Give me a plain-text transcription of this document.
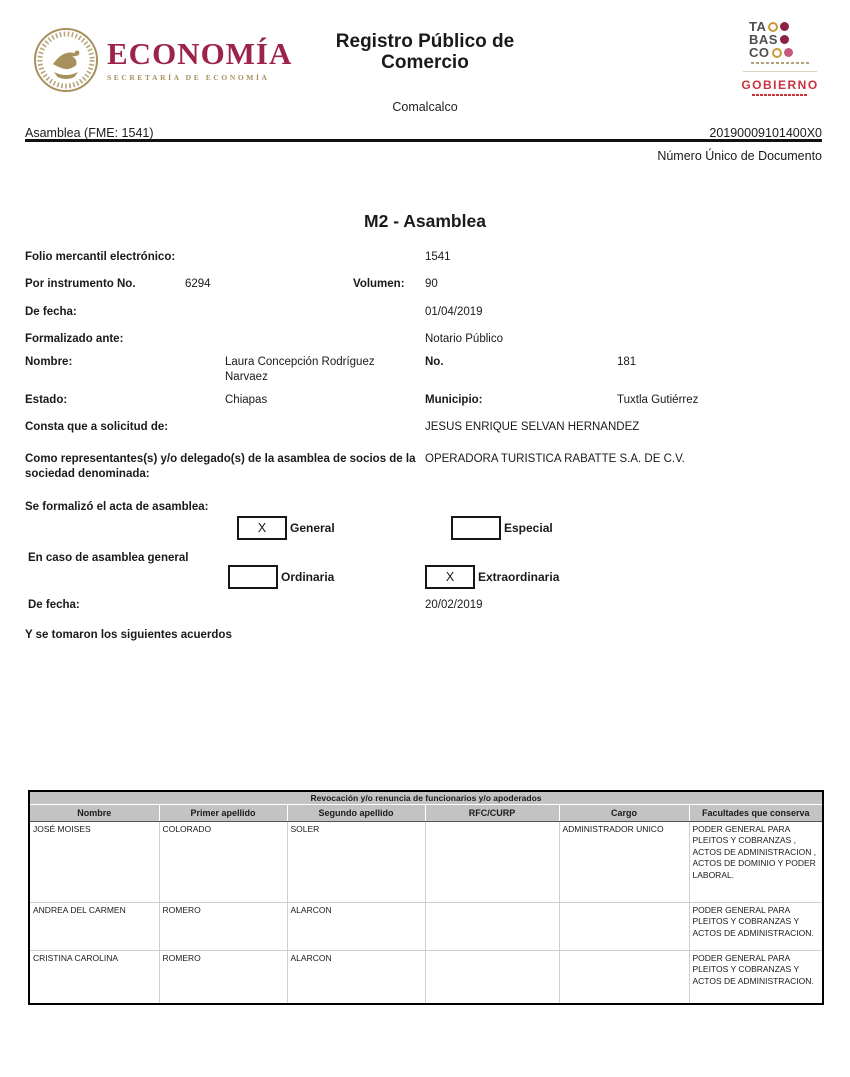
ECONOMÍA
SECRETARÍA DE ECONOMÍA
Registro Público de Comercio
Comalcalco
TA
BAS
CO
GOBIERNO
Asamblea (FME: 1541)	20190009101400X0
Número Único de Documento
M2 - Asamblea
Folio mercantil electrónico:	1541
Por instrumento No.	6294	Volumen: 90
De fecha:	01/04/2019
Formalizado ante:	Notario Público
Nombre:	Laura Concepción Rodríguez Narvaez
No.	181
Estado:	Chiapas	Municipio:	Tuxtla Gutiérrez
Consta que a solicitud de:	JESUS ENRIQUE SELVAN HERNANDEZ
Como representantes(s) y/o delegado(s) de la asamblea de socios de la sociedad denominada:
OPERADORA TURISTICA RABATTE S.A. DE C.V.
Se formalizó el acta de asamblea:
X	General	Especial
En caso de asamblea general
Ordinaria	X	Extraordinaria
De fecha:	20/02/2019
Y se tomaron los siguientes acuerdos
Revocación y/o renuncia de funcionarios y/o apoderados					
Nombre	Primer apellido	Segundo apellido	RFC/CURP	Cargo	Facultades que conserva
JOSÉ MOISES	COLORADO	SOLER		ADMINISTRADOR UNICO	PODER GENERAL PARA PLEITOS Y COBRANZAS , ACTOS DE ADMINISTRACION , ACTOS DE DOMINIO Y PODER LABORAL.
ANDREA DEL CARMEN	ROMERO	ALARCON			PODER GENERAL PARA PLEITOS Y COBRANZAS Y ACTOS DE ADMINISTRACION.
CRISTINA CAROLINA	ROMERO	ALARCON			PODER GENERAL PARA PLEITOS Y COBRANZAS Y ACTOS DE ADMINISTRACION.
